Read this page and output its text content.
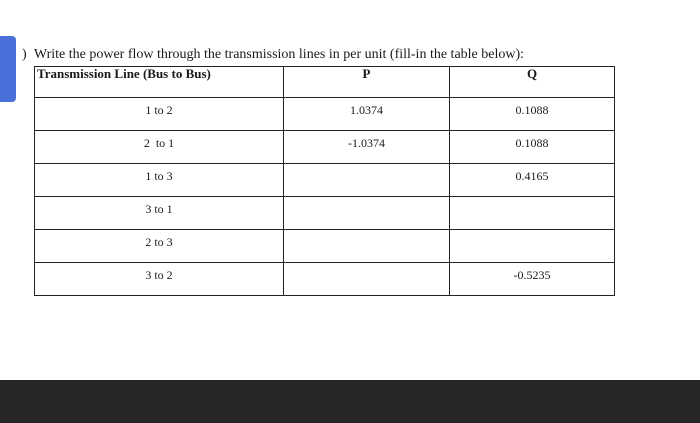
) Write the power flow through the transmission lines in per unit (fill-in the table below):
Transmission Line (Bus to Bus)	P	Q

1 to 2	1.0374	0.1088

2  to 1	-1.0374	0.1088

1 to 3		0.4165

3 to 1		

2 to 3		

3 to 2		-0.5235
